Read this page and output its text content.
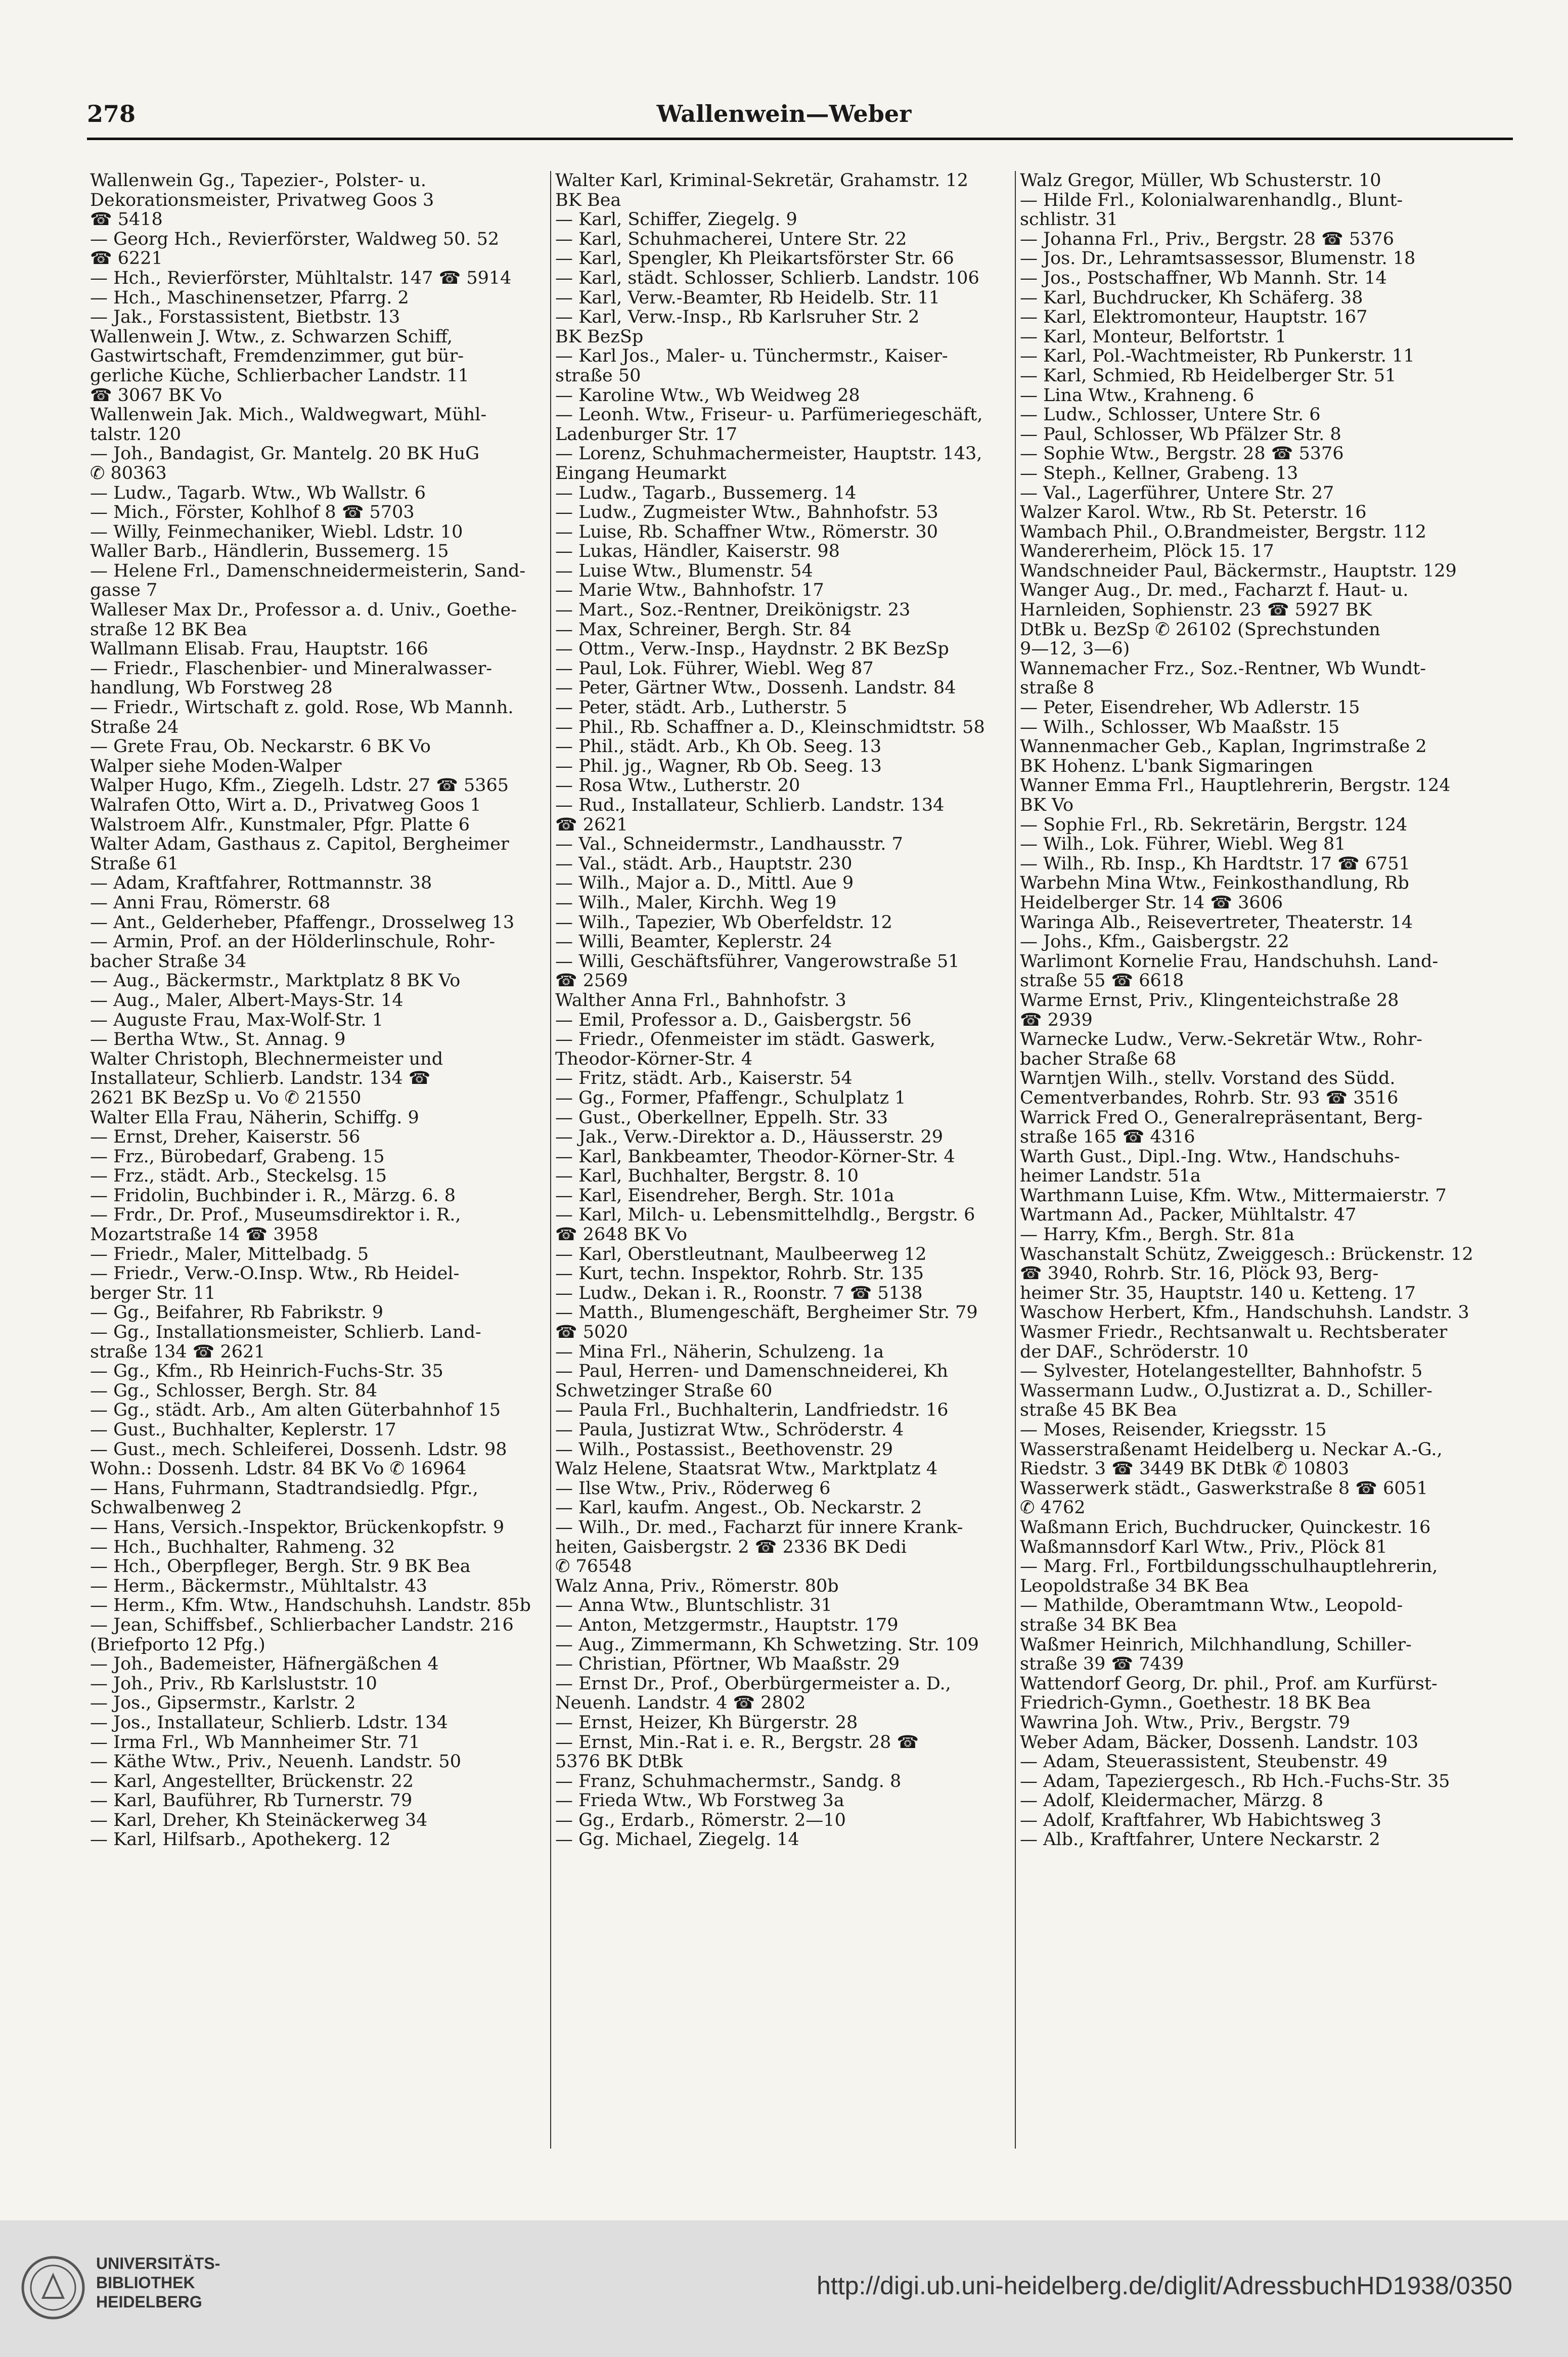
278	Wallenwein—Weber
Wallenwein Gg., Tapezier-, Polster- u.
Dekorationsmeister, Privatweg Goos 3
☎ 5418
— Georg Hch., Revierförster, Waldweg 50. 52
☎ 6221
— Hch., Revierförster, Mühltalstr. 147 ☎ 5914
— Hch., Maschinensetzer, Pfarrg. 2
— Jak., Forstassistent, Bietbstr. 13
Wallenwein J. Wtw., z. Schwarzen Schiff,
Gastwirtschaft, Fremdenzimmer, gut bür-
gerliche Küche, Schlierbacher Landstr. 11
☎ 3067 BK Vo
Wallenwein Jak. Mich., Waldwegwart, Mühl-
talstr. 120
— Joh., Bandagist, Gr. Mantelg. 20 BK HuG
✆ 80363
— Ludw., Tagarb. Wtw., Wb Wallstr. 6
— Mich., Förster, Kohlhof 8 ☎ 5703
— Willy, Feinmechaniker, Wiebl. Ldstr. 10
Waller Barb., Händlerin, Bussemerg. 15
— Helene Frl., Damenschneidermeisterin, Sand-
gasse 7
Walleser Max Dr., Professor a. d. Univ., Goethe-
straße 12 BK Bea
Wallmann Elisab. Frau, Hauptstr. 166
— Friedr., Flaschenbier- und Mineralwasser-
handlung, Wb Forstweg 28
— Friedr., Wirtschaft z. gold. Rose, Wb Mannh.
Straße 24
— Grete Frau, Ob. Neckarstr. 6 BK Vo
Walper siehe Moden-Walper
Walper Hugo, Kfm., Ziegelh. Ldstr. 27 ☎ 5365
Walrafen Otto, Wirt a. D., Privatweg Goos 1
Walstroem Alfr., Kunstmaler, Pfgr. Platte 6
Walter Adam, Gasthaus z. Capitol, Bergheimer
Straße 61
— Adam, Kraftfahrer, Rottmannstr. 38
— Anni Frau, Römerstr. 68
— Ant., Gelderheber, Pfaffengr., Drosselweg 13
— Armin, Prof. an der Hölderlinschule, Rohr-
bacher Straße 34
— Aug., Bäckermstr., Marktplatz 8 BK Vo
— Aug., Maler, Albert-Mays-Str. 14
— Auguste Frau, Max-Wolf-Str. 1
— Bertha Wtw., St. Annag. 9
Walter Christoph, Blechnermeister und
Installateur, Schlierb. Landstr. 134 ☎
2621 BK BezSp u. Vo ✆ 21550
Walter Ella Frau, Näherin, Schiffg. 9
— Ernst, Dreher, Kaiserstr. 56
— Frz., Bürobedarf, Grabeng. 15
— Frz., städt. Arb., Steckelsg. 15
— Fridolin, Buchbinder i. R., Märzg. 6. 8
— Frdr., Dr. Prof., Museumsdirektor i. R.,
Mozartstraße 14 ☎ 3958
— Friedr., Maler, Mittelbadg. 5
— Friedr., Verw.-O.Insp. Wtw., Rb Heidel-
berger Str. 11
— Gg., Beifahrer, Rb Fabrikstr. 9
— Gg., Installationsmeister, Schlierb. Land-
straße 134 ☎ 2621
— Gg., Kfm., Rb Heinrich-Fuchs-Str. 35
— Gg., Schlosser, Bergh. Str. 84
— Gg., städt. Arb., Am alten Güterbahnhof 15
— Gust., Buchhalter, Keplerstr. 17
— Gust., mech. Schleiferei, Dossenh. Ldstr. 98
Wohn.: Dossenh. Ldstr. 84 BK Vo ✆ 16964
— Hans, Fuhrmann, Stadtrandsiedlg. Pfgr.,
Schwalbenweg 2
— Hans, Versich.-Inspektor, Brückenkopfstr. 9
— Hch., Buchhalter, Rahmeng. 32
— Hch., Oberpfleger, Bergh. Str. 9 BK Bea
— Herm., Bäckermstr., Mühltalstr. 43
— Herm., Kfm. Wtw., Handschuhsh. Landstr. 85b
— Jean, Schiffsbef., Schlierbacher Landstr. 216
(Briefporto 12 Pfg.)
— Joh., Bademeister, Häfnergäßchen 4
— Joh., Priv., Rb Karlsluststr. 10
— Jos., Gipsermstr., Karlstr. 2
— Jos., Installateur, Schlierb. Ldstr. 134
— Irma Frl., Wb Mannheimer Str. 71
— Käthe Wtw., Priv., Neuenh. Landstr. 50
— Karl, Angestellter, Brückenstr. 22
— Karl, Bauführer, Rb Turnerstr. 79
— Karl, Dreher, Kh Steinäckerweg 34
— Karl, Hilfsarb., Apothekerg. 12
Walter Karl, Kriminal-Sekretär, Grahamstr. 12
BK Bea
— Karl, Schiffer, Ziegelg. 9
— Karl, Schuhmacherei, Untere Str. 22
— Karl, Spengler, Kh Pleikartsförster Str. 66
— Karl, städt. Schlosser, Schlierb. Landstr. 106
— Karl, Verw.-Beamter, Rb Heidelb. Str. 11
— Karl, Verw.-Insp., Rb Karlsruher Str. 2
BK BezSp
— Karl Jos., Maler- u. Tünchermstr., Kaiser-
straße 50
— Karoline Wtw., Wb Weidweg 28
— Leonh. Wtw., Friseur- u. Parfümeriegeschäft,
Ladenburger Str. 17
— Lorenz, Schuhmachermeister, Hauptstr. 143,
Eingang Heumarkt
— Ludw., Tagarb., Bussemerg. 14
— Ludw., Zugmeister Wtw., Bahnhofstr. 53
— Luise, Rb. Schaffner Wtw., Römerstr. 30
— Lukas, Händler, Kaiserstr. 98
— Luise Wtw., Blumenstr. 54
— Marie Wtw., Bahnhofstr. 17
— Mart., Soz.-Rentner, Dreikönigstr. 23
— Max, Schreiner, Bergh. Str. 84
— Ottm., Verw.-Insp., Haydnstr. 2 BK BezSp
— Paul, Lok. Führer, Wiebl. Weg 87
— Peter, Gärtner Wtw., Dossenh. Landstr. 84
— Peter, städt. Arb., Lutherstr. 5
— Phil., Rb. Schaffner a. D., Kleinschmidtstr. 58
— Phil., städt. Arb., Kh Ob. Seeg. 13
— Phil. jg., Wagner, Rb Ob. Seeg. 13
— Rosa Wtw., Lutherstr. 20
— Rud., Installateur, Schlierb. Landstr. 134
☎ 2621
— Val., Schneidermstr., Landhausstr. 7
— Val., städt. Arb., Hauptstr. 230
— Wilh., Major a. D., Mittl. Aue 9
— Wilh., Maler, Kirchh. Weg 19
— Wilh., Tapezier, Wb Oberfeldstr. 12
— Willi, Beamter, Keplerstr. 24
— Willi, Geschäftsführer, Vangerowstraße 51
☎ 2569
Walther Anna Frl., Bahnhofstr. 3
— Emil, Professor a. D., Gaisbergstr. 56
— Friedr., Ofenmeister im städt. Gaswerk,
Theodor-Körner-Str. 4
— Fritz, städt. Arb., Kaiserstr. 54
— Gg., Former, Pfaffengr., Schulplatz 1
— Gust., Oberkellner, Eppelh. Str. 33
— Jak., Verw.-Direktor a. D., Häusserstr. 29
— Karl, Bankbeamter, Theodor-Körner-Str. 4
— Karl, Buchhalter, Bergstr. 8. 10
— Karl, Eisendreher, Bergh. Str. 101a
— Karl, Milch- u. Lebensmittelhdlg., Bergstr. 6
☎ 2648 BK Vo
— Karl, Oberstleutnant, Maulbeerweg 12
— Kurt, techn. Inspektor, Rohrb. Str. 135
— Ludw., Dekan i. R., Roonstr. 7 ☎ 5138
— Matth., Blumengeschäft, Bergheimer Str. 79
☎ 5020
— Mina Frl., Näherin, Schulzeng. 1a
— Paul, Herren- und Damenschneiderei, Kh
Schwetzinger Straße 60
— Paula Frl., Buchhalterin, Landfriedstr. 16
— Paula, Justizrat Wtw., Schröderstr. 4
— Wilh., Postassist., Beethovenstr. 29
Walz Helene, Staatsrat Wtw., Marktplatz 4
— Ilse Wtw., Priv., Röderweg 6
— Karl, kaufm. Angest., Ob. Neckarstr. 2
— Wilh., Dr. med., Facharzt für innere Krank-
heiten, Gaisbergstr. 2 ☎ 2336 BK Dedi
✆ 76548
Walz Anna, Priv., Römerstr. 80b
— Anna Wtw., Bluntschlistr. 31
— Anton, Metzgermstr., Hauptstr. 179
— Aug., Zimmermann, Kh Schwetzing. Str. 109
— Christian, Pförtner, Wb Maaßstr. 29
— Ernst Dr., Prof., Oberbürgermeister a. D.,
Neuenh. Landstr. 4 ☎ 2802
— Ernst, Heizer, Kh Bürgerstr. 28
— Ernst, Min.-Rat i. e. R., Bergstr. 28 ☎
5376 BK DtBk
— Franz, Schuhmachermstr., Sandg. 8
— Frieda Wtw., Wb Forstweg 3a
— Gg., Erdarb., Römerstr. 2—10
— Gg. Michael, Ziegelg. 14
Walz Gregor, Müller, Wb Schusterstr. 10
— Hilde Frl., Kolonialwarenhandlg., Blunt-
schlistr. 31
— Johanna Frl., Priv., Bergstr. 28 ☎ 5376
— Jos. Dr., Lehramtsassessor, Blumenstr. 18
— Jos., Postschaffner, Wb Mannh. Str. 14
— Karl, Buchdrucker, Kh Schäferg. 38
— Karl, Elektromonteur, Hauptstr. 167
— Karl, Monteur, Belfortstr. 1
— Karl, Pol.-Wachtmeister, Rb Punkerstr. 11
— Karl, Schmied, Rb Heidelberger Str. 51
— Lina Wtw., Krahneng. 6
— Ludw., Schlosser, Untere Str. 6
— Paul, Schlosser, Wb Pfälzer Str. 8
— Sophie Wtw., Bergstr. 28 ☎ 5376
— Steph., Kellner, Grabeng. 13
— Val., Lagerführer, Untere Str. 27
Walzer Karol. Wtw., Rb St. Peterstr. 16
Wambach Phil., O.Brandmeister, Bergstr. 112
Wandererheim, Plöck 15. 17
Wandschneider Paul, Bäckermstr., Hauptstr. 129
Wanger Aug., Dr. med., Facharzt f. Haut- u.
Harnleiden, Sophienstr. 23 ☎ 5927 BK
DtBk u. BezSp ✆ 26102 (Sprechstunden
9—12, 3—6)
Wannemacher Frz., Soz.-Rentner, Wb Wundt-
straße 8
— Peter, Eisendreher, Wb Adlerstr. 15
— Wilh., Schlosser, Wb Maaßstr. 15
Wannenmacher Geb., Kaplan, Ingrimstraße 2
BK Hohenz. L'bank Sigmaringen
Wanner Emma Frl., Hauptlehrerin, Bergstr. 124
BK Vo
— Sophie Frl., Rb. Sekretärin, Bergstr. 124
— Wilh., Lok. Führer, Wiebl. Weg 81
— Wilh., Rb. Insp., Kh Hardtstr. 17 ☎ 6751
Warbehn Mina Wtw., Feinkosthandlung, Rb
Heidelberger Str. 14 ☎ 3606
Waringa Alb., Reisevertreter, Theaterstr. 14
— Johs., Kfm., Gaisbergstr. 22
Warlimont Kornelie Frau, Handschuhsh. Land-
straße 55 ☎ 6618
Warme Ernst, Priv., Klingenteichstraße 28
☎ 2939
Warnecke Ludw., Verw.-Sekretär Wtw., Rohr-
bacher Straße 68
Warntjen Wilh., stellv. Vorstand des Südd.
Cementverbandes, Rohrb. Str. 93 ☎ 3516
Warrick Fred O., Generalrepräsentant, Berg-
straße 165 ☎ 4316
Warth Gust., Dipl.-Ing. Wtw., Handschuhs-
heimer Landstr. 51a
Warthmann Luise, Kfm. Wtw., Mittermaierstr. 7
Wartmann Ad., Packer, Mühltalstr. 47
— Harry, Kfm., Bergh. Str. 81a
Waschanstalt Schütz, Zweiggesch.: Brückenstr. 12
☎ 3940, Rohrb. Str. 16, Plöck 93, Berg-
heimer Str. 35, Hauptstr. 140 u. Ketteng. 17
Waschow Herbert, Kfm., Handschuhsh. Landstr. 3
Wasmer Friedr., Rechtsanwalt u. Rechtsberater
der DAF., Schröderstr. 10
— Sylvester, Hotelangestellter, Bahnhofstr. 5
Wassermann Ludw., O.Justizrat a. D., Schiller-
straße 45 BK Bea
— Moses, Reisender, Kriegsstr. 15
Wasserstraßenamt Heidelberg u. Neckar A.-G.,
Riedstr. 3 ☎ 3449 BK DtBk ✆ 10803
Wasserwerk städt., Gaswerkstraße 8 ☎ 6051
✆ 4762
Waßmann Erich, Buchdrucker, Quinckestr. 16
Waßmannsdorf Karl Wtw., Priv., Plöck 81
— Marg. Frl., Fortbildungsschulhauptlehrerin,
Leopoldstraße 34 BK Bea
— Mathilde, Oberamtmann Wtw., Leopold-
straße 34 BK Bea
Waßmer Heinrich, Milchhandlung, Schiller-
straße 39 ☎ 7439
Wattendorf Georg, Dr. phil., Prof. am Kurfürst-
Friedrich-Gymn., Goethestr. 18 BK Bea
Wawrina Joh. Wtw., Priv., Bergstr. 79
Weber Adam, Bäcker, Dossenh. Landstr. 103
— Adam, Steuerassistent, Steubenstr. 49
— Adam, Tapeziergesch., Rb Hch.-Fuchs-Str. 35
— Adolf, Kleidermacher, Märzg. 8
— Adolf, Kraftfahrer, Wb Habichtsweg 3
— Alb., Kraftfahrer, Untere Neckarstr. 2
UNIVERSITÄTS-
BIBLIOTHEK
HEIDELBERG
http://digi.ub.uni-heidelberg.de/diglit/AdressbuchHD1938/0350
